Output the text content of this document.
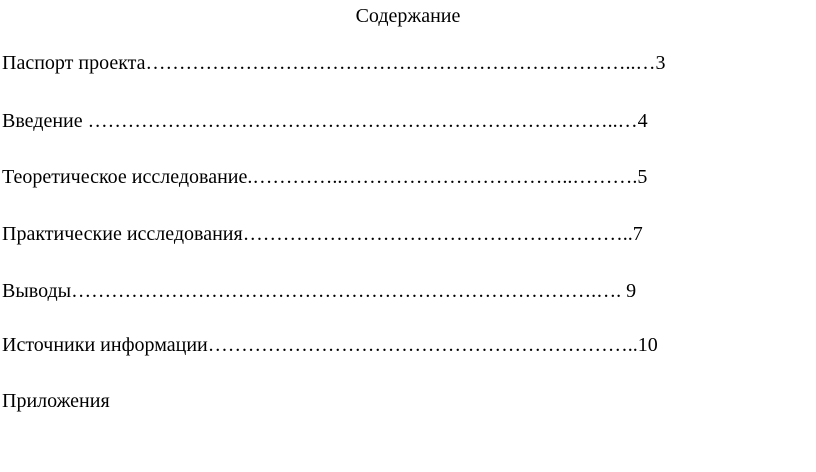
Содержание
Паспорт проекта………………………………………………………………..…3
Введение ……………………………………………………………………..…4
Теоретическое исследование.…………..……………………………..……….5
Практические исследования…………………………………………………..7
Выводы…………………………………………………………………….…. 9
Источники информации………………………………………………………..10
Приложения
